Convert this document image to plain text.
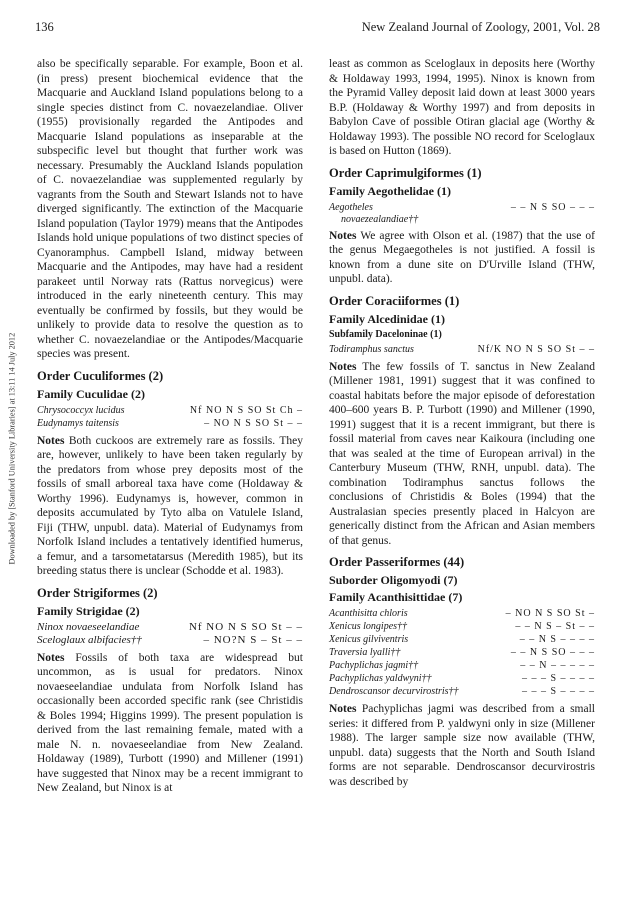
136	New Zealand Journal of Zoology, 2001, Vol. 28
Downloaded by [Stanford University Libraries] at 13:11 14 July 2012

also be specifically separable. For example, Boon et al. (in press) present biochemical evidence that the Macquarie and Auckland Island populations belong to a single species distinct from C. novaezelandiae. Oliver (1955) provisionally regarded the Antipodes and Macquarie Island populations as inseparable at the subspecific level but thought that further work was necessary. Presumably the Auckland Islands population of C. novaezelandiae was supplemented regularly by vagrants from the South and Stewart Islands not to have diverged significantly. The extinction of the Macquarie Island population (Taylor 1979) means that the Antipodes Islands hold unique populations of two distinct species of Cyanoramphus. Campbell Island, midway between Macquarie and the Antipodes, may have had a resident parakeet until Norway rats (Rattus norvegicus) were introduced in the early nineteenth century. This may eventually be confirmed by fossils, but they would be unlikely to provide data to resolve the question as to whether C. novaezelandiae or the Antipodes/Macquarie species was present.

Order Cuculiformes (2)
Family Cuculidae (2)
Chrysococcyx lucidus	Nf NO N S SO St Ch –
Eudynamys taitensis	– NO N S SO St – –

Notes Both cuckoos are extremely rare as fossils. They are, however, unlikely to have been taken regularly by the predators from whose prey deposits most of the fossils of small arboreal taxa have come (Holdaway & Worthy 1996). Eudynamys is, however, common in deposits accumulated by Tyto alba on Vatulele Island, Fiji (THW, unpubl. data). Material of Eudynamys from Norfolk Island includes a tentatively identified humerus, a femur, and a tarsometatarsus (Meredith 1985), but its breeding status there is unclear (Schodde et al. 1983).

Order Strigiformes (2)
Family Strigidae (2)
Ninox novaeseelandiae	Nf NO N S SO St – –
Sceloglaux albifacies††	– NO?N S – St – –

Notes Fossils of both taxa are widespread but uncommon, as is usual for predators. Ninox novaeseelandiae undulata from Norfolk Island has occasionally been accorded specific rank (see Christidis & Boles 1994; Higgins 1999). The present population is derived from the last remaining female, mated with a male N. n. novaeseelandiae from New Zealand. Holdaway (1989), Turbott (1990) and Millener (1991) have suggested that Ninox may be a recent immigrant to New Zealand, but Ninox is at

least as common as Sceloglaux in deposits here (Worthy & Holdaway 1993, 1994, 1995). Ninox is known from the Pyramid Valley deposit laid down at least 3000 years B.P. (Holdaway & Worthy 1997) and from deposits in Babylon Cave of possible Otiran glacial age (Worthy & Holdaway 1993). The possible NO record for Sceloglaux is based on Hutton (1869).

Order Caprimulgiformes (1)
Family Aegothelidae (1)
Aegotheles	– – N S SO – – –
novaezealandiae††

Notes We agree with Olson et al. (1987) that the use of the genus Megaegotheles is not justified. A fossil is known from a dune site on D'Urville Island (THW, unpubl. data).

Order Coraciiformes (1)
Family Alcedinidae (1)
Subfamily Daceloninae (1)
Todiramphus sanctus	Nf/K NO N S SO St – –

Notes The few fossils of T. sanctus in New Zealand (Millener 1981, 1991) suggest that it was confined to coastal habitats before the major episode of deforestation 400–600 years B. P. Turbott (1990) and Millener (1990, 1991) suggest that it is a recent immigrant, but there is fossil material from caves near Kaikoura (including one that was sealed at the time of European arrival) in the Canterbury Museum (THW, RNH, unpubl. data). The combination Todiramphus sanctus follows the conclusions of Christidis & Boles (1994) that the Australasian species presently placed in Halcyon are generically distinct from the African and Asian members of that genus.

Order Passeriformes (44)
Suborder Oligomyodi (7)
Family Acanthisittidae (7)
Acanthisitta chloris	– NO N S SO St –
Xenicus longipes††	– – N S – St – –
Xenicus gilviventris	– – N S – – – –
Traversia lyalli††	– – N S SO – – –
Pachyplichas jagmi††	– – N – – – – –
Pachyplichas yaldwyni††	– – – S – – – –
Dendroscansor decurvirostris††	– – – S – – – –

Notes Pachyplichas jagmi was described from a small series: it differed from P. yaldwyni only in size (Millener 1988). The larger sample size now available (THW, unpubl. data) suggests that the North and South Island forms are not separable. Dendroscansor decurvirostris was described by
